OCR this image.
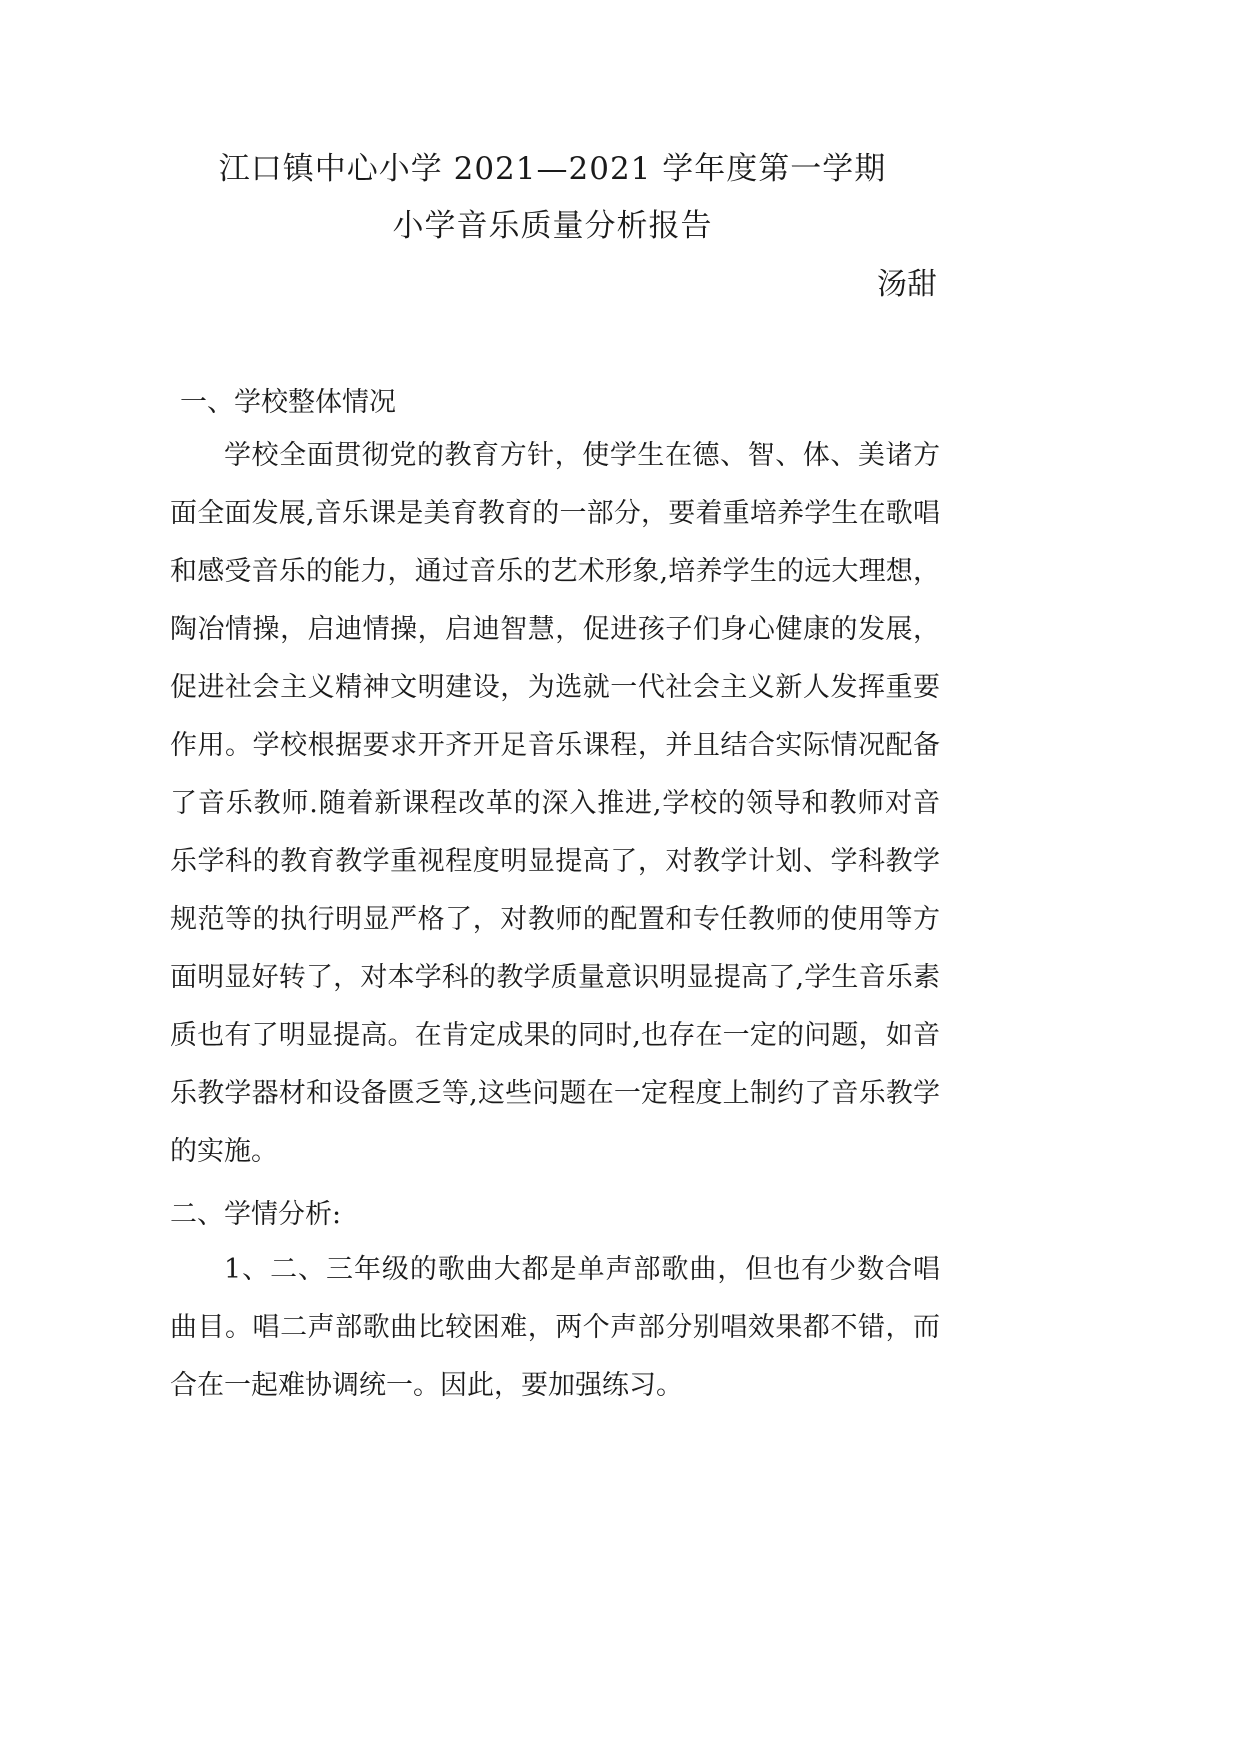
江口镇中心小学 2021—2021 学年度第一学期
小学音乐质量分析报告
汤甜
一、学校整体情况

学校全面贯彻党的教育方针，使学生在德、智、体、美诸方面全面发展,音乐课是美育教育的一部分，要着重培养学生在歌唱和感受音乐的能力，通过音乐的艺术形象,培养学生的远大理想，陶冶情操，启迪情操，启迪智慧，促进孩子们身心健康的发展，促进社会主义精神文明建设，为选就一代社会主义新人发挥重要作用。学校根据要求开齐开足音乐课程，并且结合实际情况配备了音乐教师.随着新课程改革的深入推进,学校的领导和教师对音乐学科的教育教学重视程度明显提高了，对教学计划、学科教学规范等的执行明显严格了，对教师的配置和专任教师的使用等方面明显好转了，对本学科的教学质量意识明显提高了,学生音乐素质也有了明显提高。在肯定成果的同时,也存在一定的问题，如音乐教学器材和设备匮乏等,这些问题在一定程度上制约了音乐教学的实施。

二、学情分析:

1、二、三年级的歌曲大都是单声部歌曲，但也有少数合唱曲目。唱二声部歌曲比较困难，两个声部分别唱效果都不错，而合在一起难协调统一。因此，要加强练习。
